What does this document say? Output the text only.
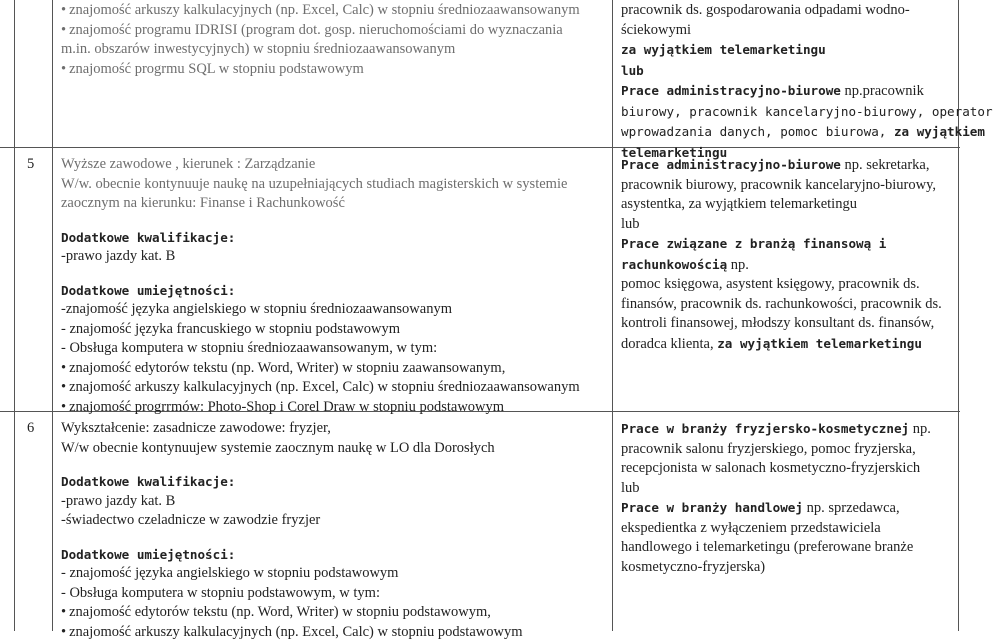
• znajomość arkuszy kalkulacyjnych (np. Excel, Calc) w stopniu średniozaawansowanym
• znajomość programu IDRISI (program dot. gosp. nieruchomościami do wyznaczania
m.in. obszarów inwestycyjnych) w stopniu średniozaawansowanym
• znajomość progrmu SQL w stopniu podstawowym
pracownik ds. gospodarowania odpadami wodno-
ściekowymi
za wyjątkiem telemarketingu
lub
Prace administracyjno-biurowe np.pracownik
biurowy, pracownik kancelaryjno-biurowy, operator
wprowadzania danych, pomoc biurowa, za wyjątkiem
telemarketingu
5 Wyższe zawodowe , kierunek : Zarządzanie
W/w. obecnie kontynuuje naukę na uzupełniających studiach magisterskich w systemie
zaocznym na kierunku: Finanse i Rachunkowość
Dodatkowe kwalifikacje:
-prawo jazdy kat. B
Dodatkowe umiejętności:
-znajomość języka angielskiego w stopniu średniozaawansowanym
- znajomość języka francuskiego w stopniu podstawowym
- Obsługa komputera w stopniu średniozaawansowanym, w tym:
• znajomość edytorów tekstu (np. Word, Writer) w stopniu zaawansowanym,
• znajomość arkuszy kalkulacyjnych (np. Excel, Calc) w stopniu średniozaawansowanym
• znajomość progrrmów: Photo-Shop i Corel Draw w stopniu podstawowym
Prace administracyjno-biurowe np. sekretarka,
pracownik biurowy, pracownik kancelaryjno-biurowy,
asystentka, za wyjątkiem telemarketingu
lub
Prace związane z branżą finansową i
rachunkowością np.
pomoc księgowa, asystent księgowy, pracownik ds.
finansów, pracownik ds. rachunkowości, pracownik ds.
kontroli finansowej, młodszy konsultant ds. finansów,
doradca klienta, za wyjątkiem telemarketingu
6 Wykształcenie: zasadnicze zawodowe: fryzjer,
W/w obecnie kontynuujew systemie zaocznym naukę w LO dla Dorosłych
Dodatkowe kwalifikacje:
-prawo jazdy kat. B
-świadectwo czeladnicze w zawodzie fryzjer
Dodatkowe umiejętności:
- znajomość języka angielskiego w stopniu podstawowym
- Obsługa komputera w stopniu podstawowym, w tym:
• znajomość edytorów tekstu (np. Word, Writer) w stopniu podstawowym,
• znajomość arkuszy kalkulacyjnych (np. Excel, Calc) w stopniu podstawowym
Prace w branży fryzjersko-kosmetycznej np.
pracownik salonu fryzjerskiego, pomoc fryzjerska,
recepcjonista w salonach kosmetyczno-fryzjerskich
lub
Prace w branży handlowej np. sprzedawca,
ekspedientka z wyłączeniem przedstawiciela
handlowego i telemarketingu (preferowane branże
kosmetyczno-fryzjerska)
